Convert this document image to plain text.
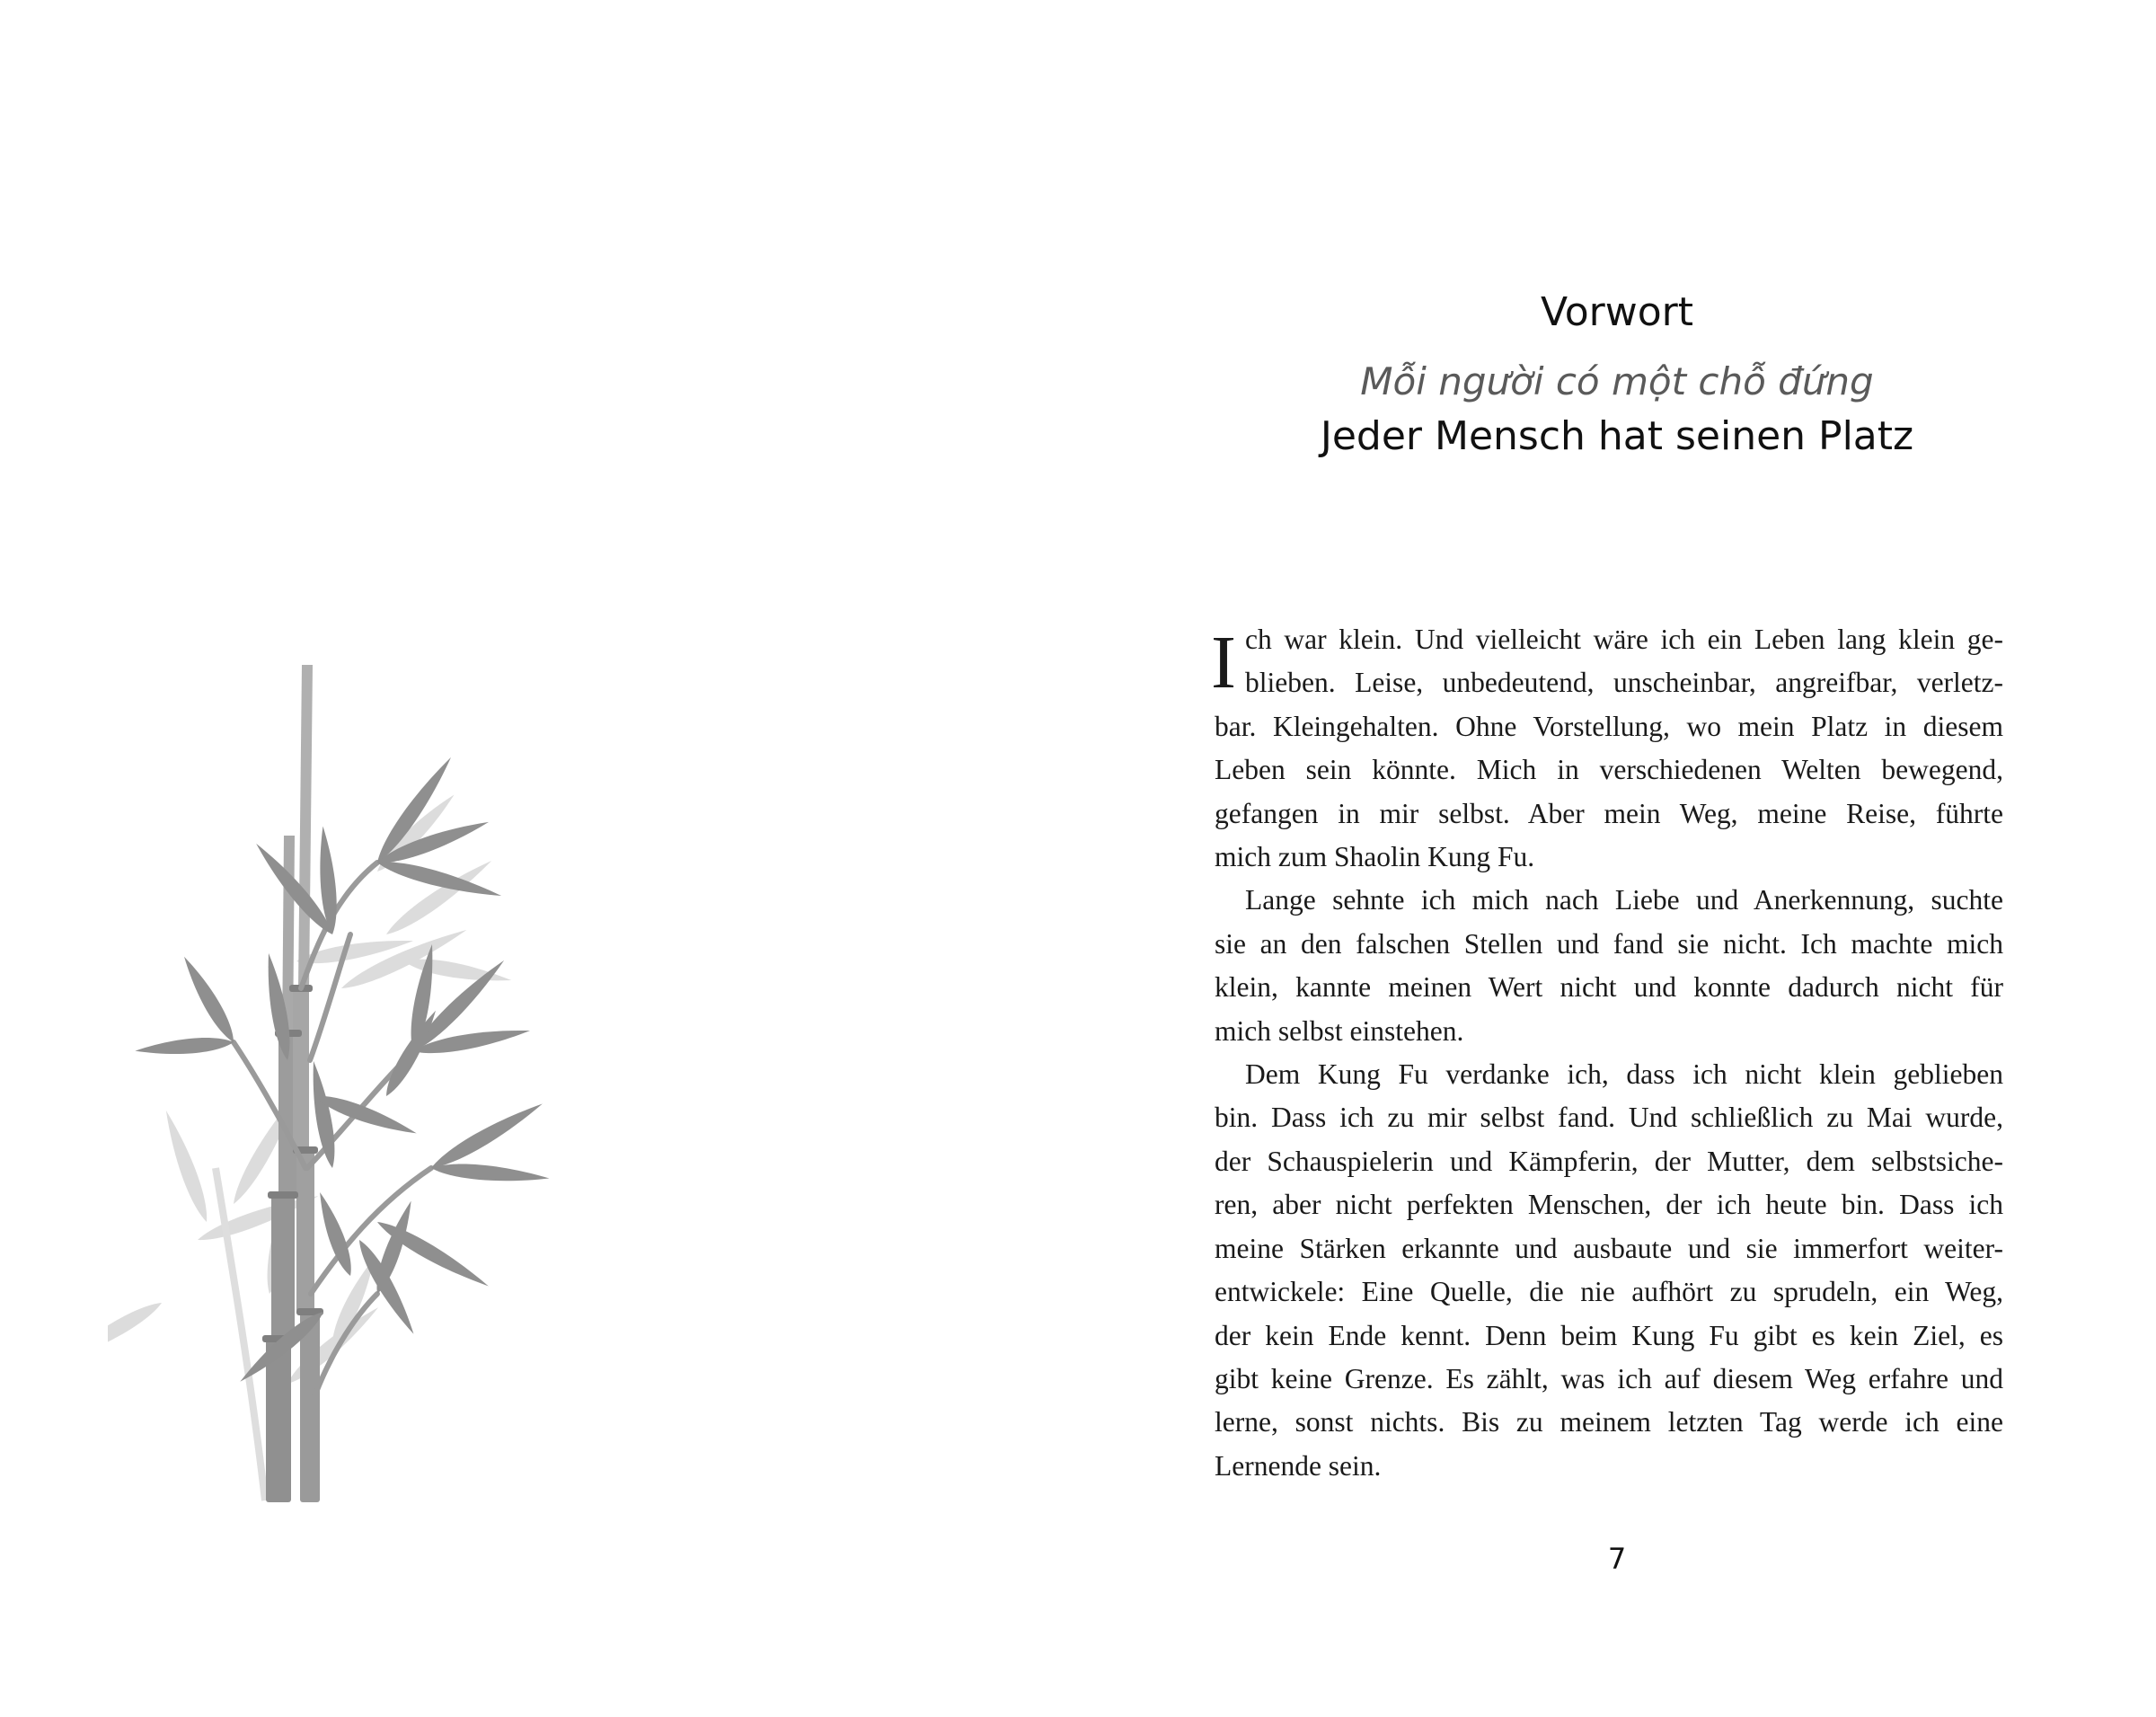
Vorwort

Mỗi người có một chỗ đứng

Jeder Mensch hat seinen Platz

I ch war klein. Und vielleicht wäre ich ein Leben lang klein ge-
blieben. Leise, unbedeutend, unscheinbar, angreifbar, verletz-
bar. Kleingehalten. Ohne Vorstellung, wo mein Platz in diesem
Leben sein könnte. Mich in verschiedenen Welten bewegend,
gefangen in mir selbst. Aber mein Weg, meine Reise, führte
mich zum Shaolin Kung Fu.
Lange sehnte ich mich nach Liebe und Anerkennung, suchte
sie an den falschen Stellen und fand sie nicht. Ich machte mich
klein, kannte meinen Wert nicht und konnte dadurch nicht für
mich selbst einstehen.
Dem Kung Fu verdanke ich, dass ich nicht klein geblieben
bin. Dass ich zu mir selbst fand. Und schließlich zu Mai wurde,
der Schauspielerin und Kämpferin, der Mutter, dem selbstsiche-
ren, aber nicht perfekten Menschen, der ich heute bin. Dass ich
meine Stärken erkannte und ausbaute und sie immerfort weiter-
entwickele: Eine Quelle, die nie aufhört zu sprudeln, ein Weg,
der kein Ende kennt. Denn beim Kung Fu gibt es kein Ziel, es
gibt keine Grenze. Es zählt, was ich auf diesem Weg erfahre und
lerne, sonst nichts. Bis zu meinem letzten Tag werde ich eine
Lernende sein.
7
